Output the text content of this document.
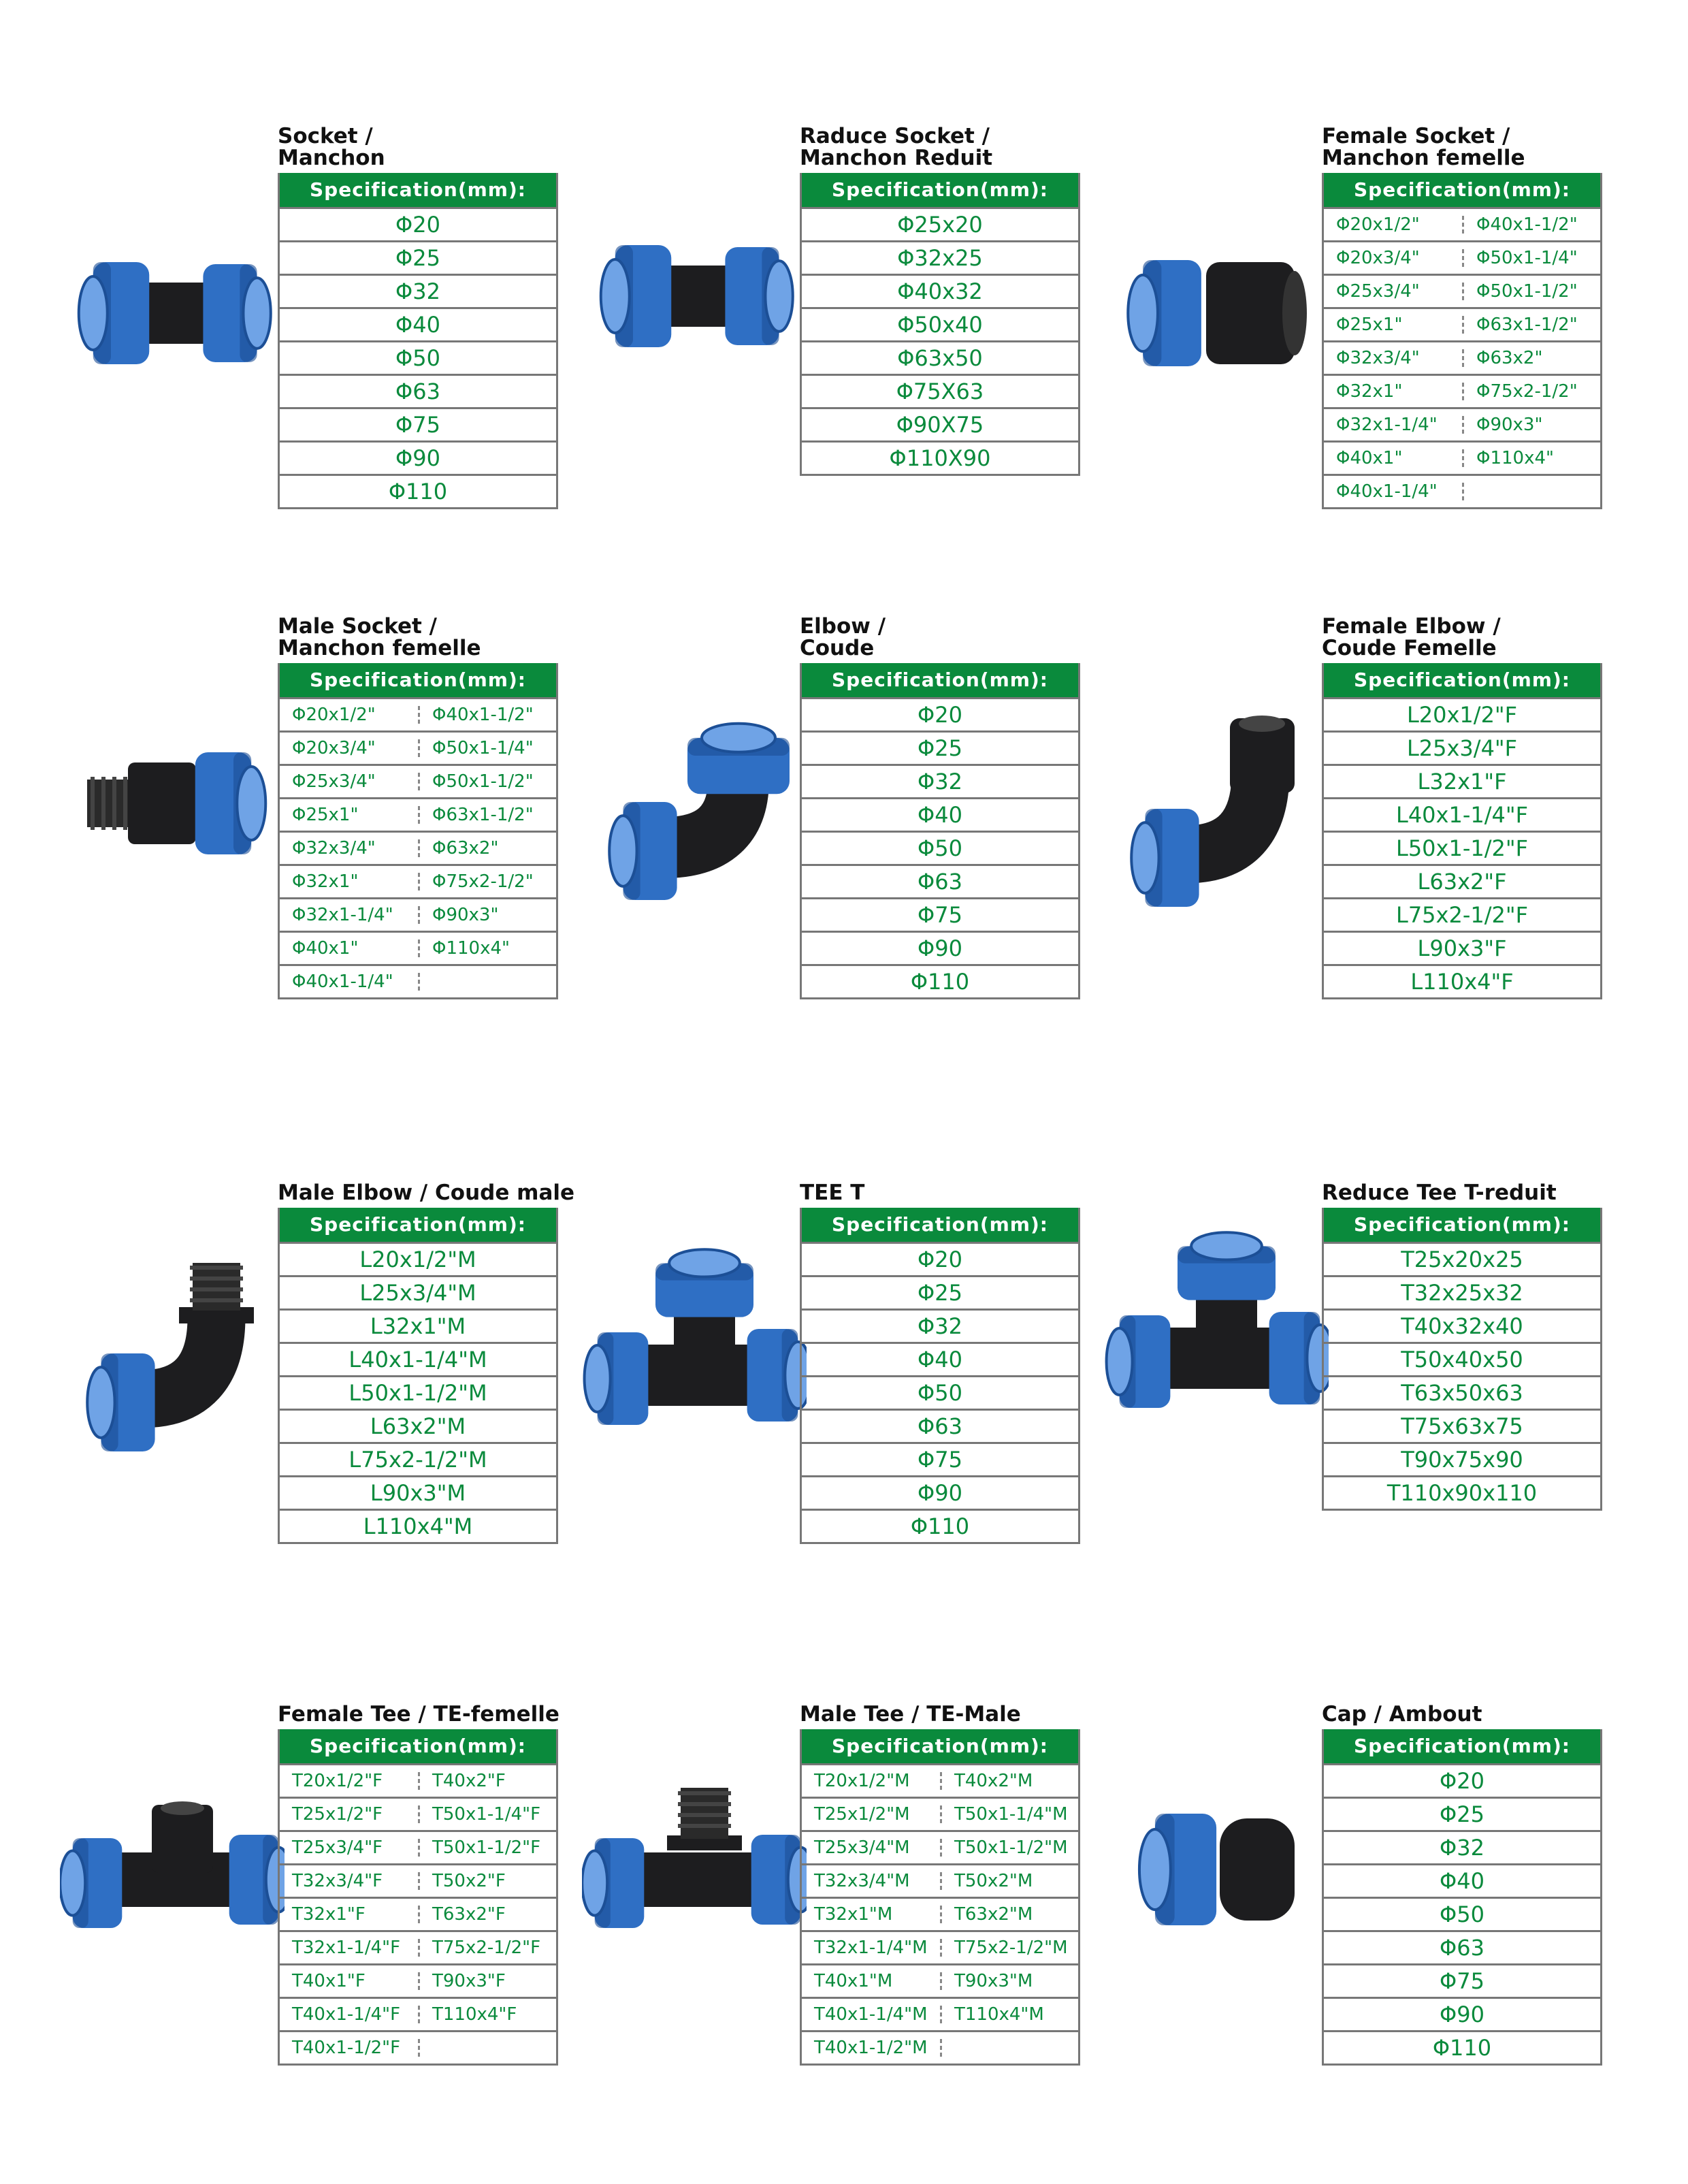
Socket /
Manchon
Specification(mm):
Φ20
Φ25
Φ32
Φ40
Φ50
Φ63
Φ75
Φ90
Φ110
Raduce Socket /
Manchon Reduit
Specification(mm):
Φ25x20
Φ32x25
Φ40x32
Φ50x40
Φ63x50
Φ75X63
Φ90X75
Φ110X90
Female Socket /
Manchon femelle
Specification(mm):
Φ20x1/2"	Φ40x1-1/2"
Φ20x3/4"	Φ50x1-1/4"
Φ25x3/4"	Φ50x1-1/2"
Φ25x1"	Φ63x1-1/2"
Φ32x3/4"	Φ63x2"
Φ32x1"	Φ75x2-1/2"
Φ32x1-1/4"	Φ90x3"
Φ40x1"	Φ110x4"
Φ40x1-1/4"
Male Socket /
Manchon femelle
Specification(mm):
Φ20x1/2"	Φ40x1-1/2"
Φ20x3/4"	Φ50x1-1/4"
Φ25x3/4"	Φ50x1-1/2"
Φ25x1"	Φ63x1-1/2"
Φ32x3/4"	Φ63x2"
Φ32x1"	Φ75x2-1/2"
Φ32x1-1/4"	Φ90x3"
Φ40x1"	Φ110x4"
Φ40x1-1/4"
Elbow /
Coude
Specification(mm):
Φ20
Φ25
Φ32
Φ40
Φ50
Φ63
Φ75
Φ90
Φ110
Female Elbow /
Coude Femelle
Specification(mm):
L20x1/2"F
L25x3/4"F
L32x1"F
L40x1-1/4"F
L50x1-1/2"F
L63x2"F
L75x2-1/2"F
L90x3"F
L110x4"F
Male Elbow / Coude male
Specification(mm):
L20x1/2"M
L25x3/4"M
L32x1"M
L40x1-1/4"M
L50x1-1/2"M
L63x2"M
L75x2-1/2"M
L90x3"M
L110x4"M
TEE T
Specification(mm):
Φ20
Φ25
Φ32
Φ40
Φ50
Φ63
Φ75
Φ90
Φ110
Reduce Tee T-reduit
Specification(mm):
T25x20x25
T32x25x32
T40x32x40
T50x40x50
T63x50x63
T75x63x75
T90x75x90
T110x90x110
Female Tee / TE-femelle
Specification(mm):
T20x1/2"F	T40x2"F
T25x1/2"F	T50x1-1/4"F
T25x3/4"F	T50x1-1/2"F
T32x3/4"F	T50x2"F
T32x1"F	T63x2"F
T32x1-1/4"F	T75x2-1/2"F
T40x1"F	T90x3"F
T40x1-1/4"F	T110x4"F
T40x1-1/2"F
Male Tee / TE-Male
Specification(mm):
T20x1/2"M	T40x2"M
T25x1/2"M	T50x1-1/4"M
T25x3/4"M	T50x1-1/2"M
T32x3/4"M	T50x2"M
T32x1"M	T63x2"M
T32x1-1/4"M	T75x2-1/2"M
T40x1"M	T90x3"M
T40x1-1/4"M	T110x4"M
T40x1-1/2"M
Cap / Ambout
Specification(mm):
Φ20
Φ25
Φ32
Φ40
Φ50
Φ63
Φ75
Φ90
Φ110
